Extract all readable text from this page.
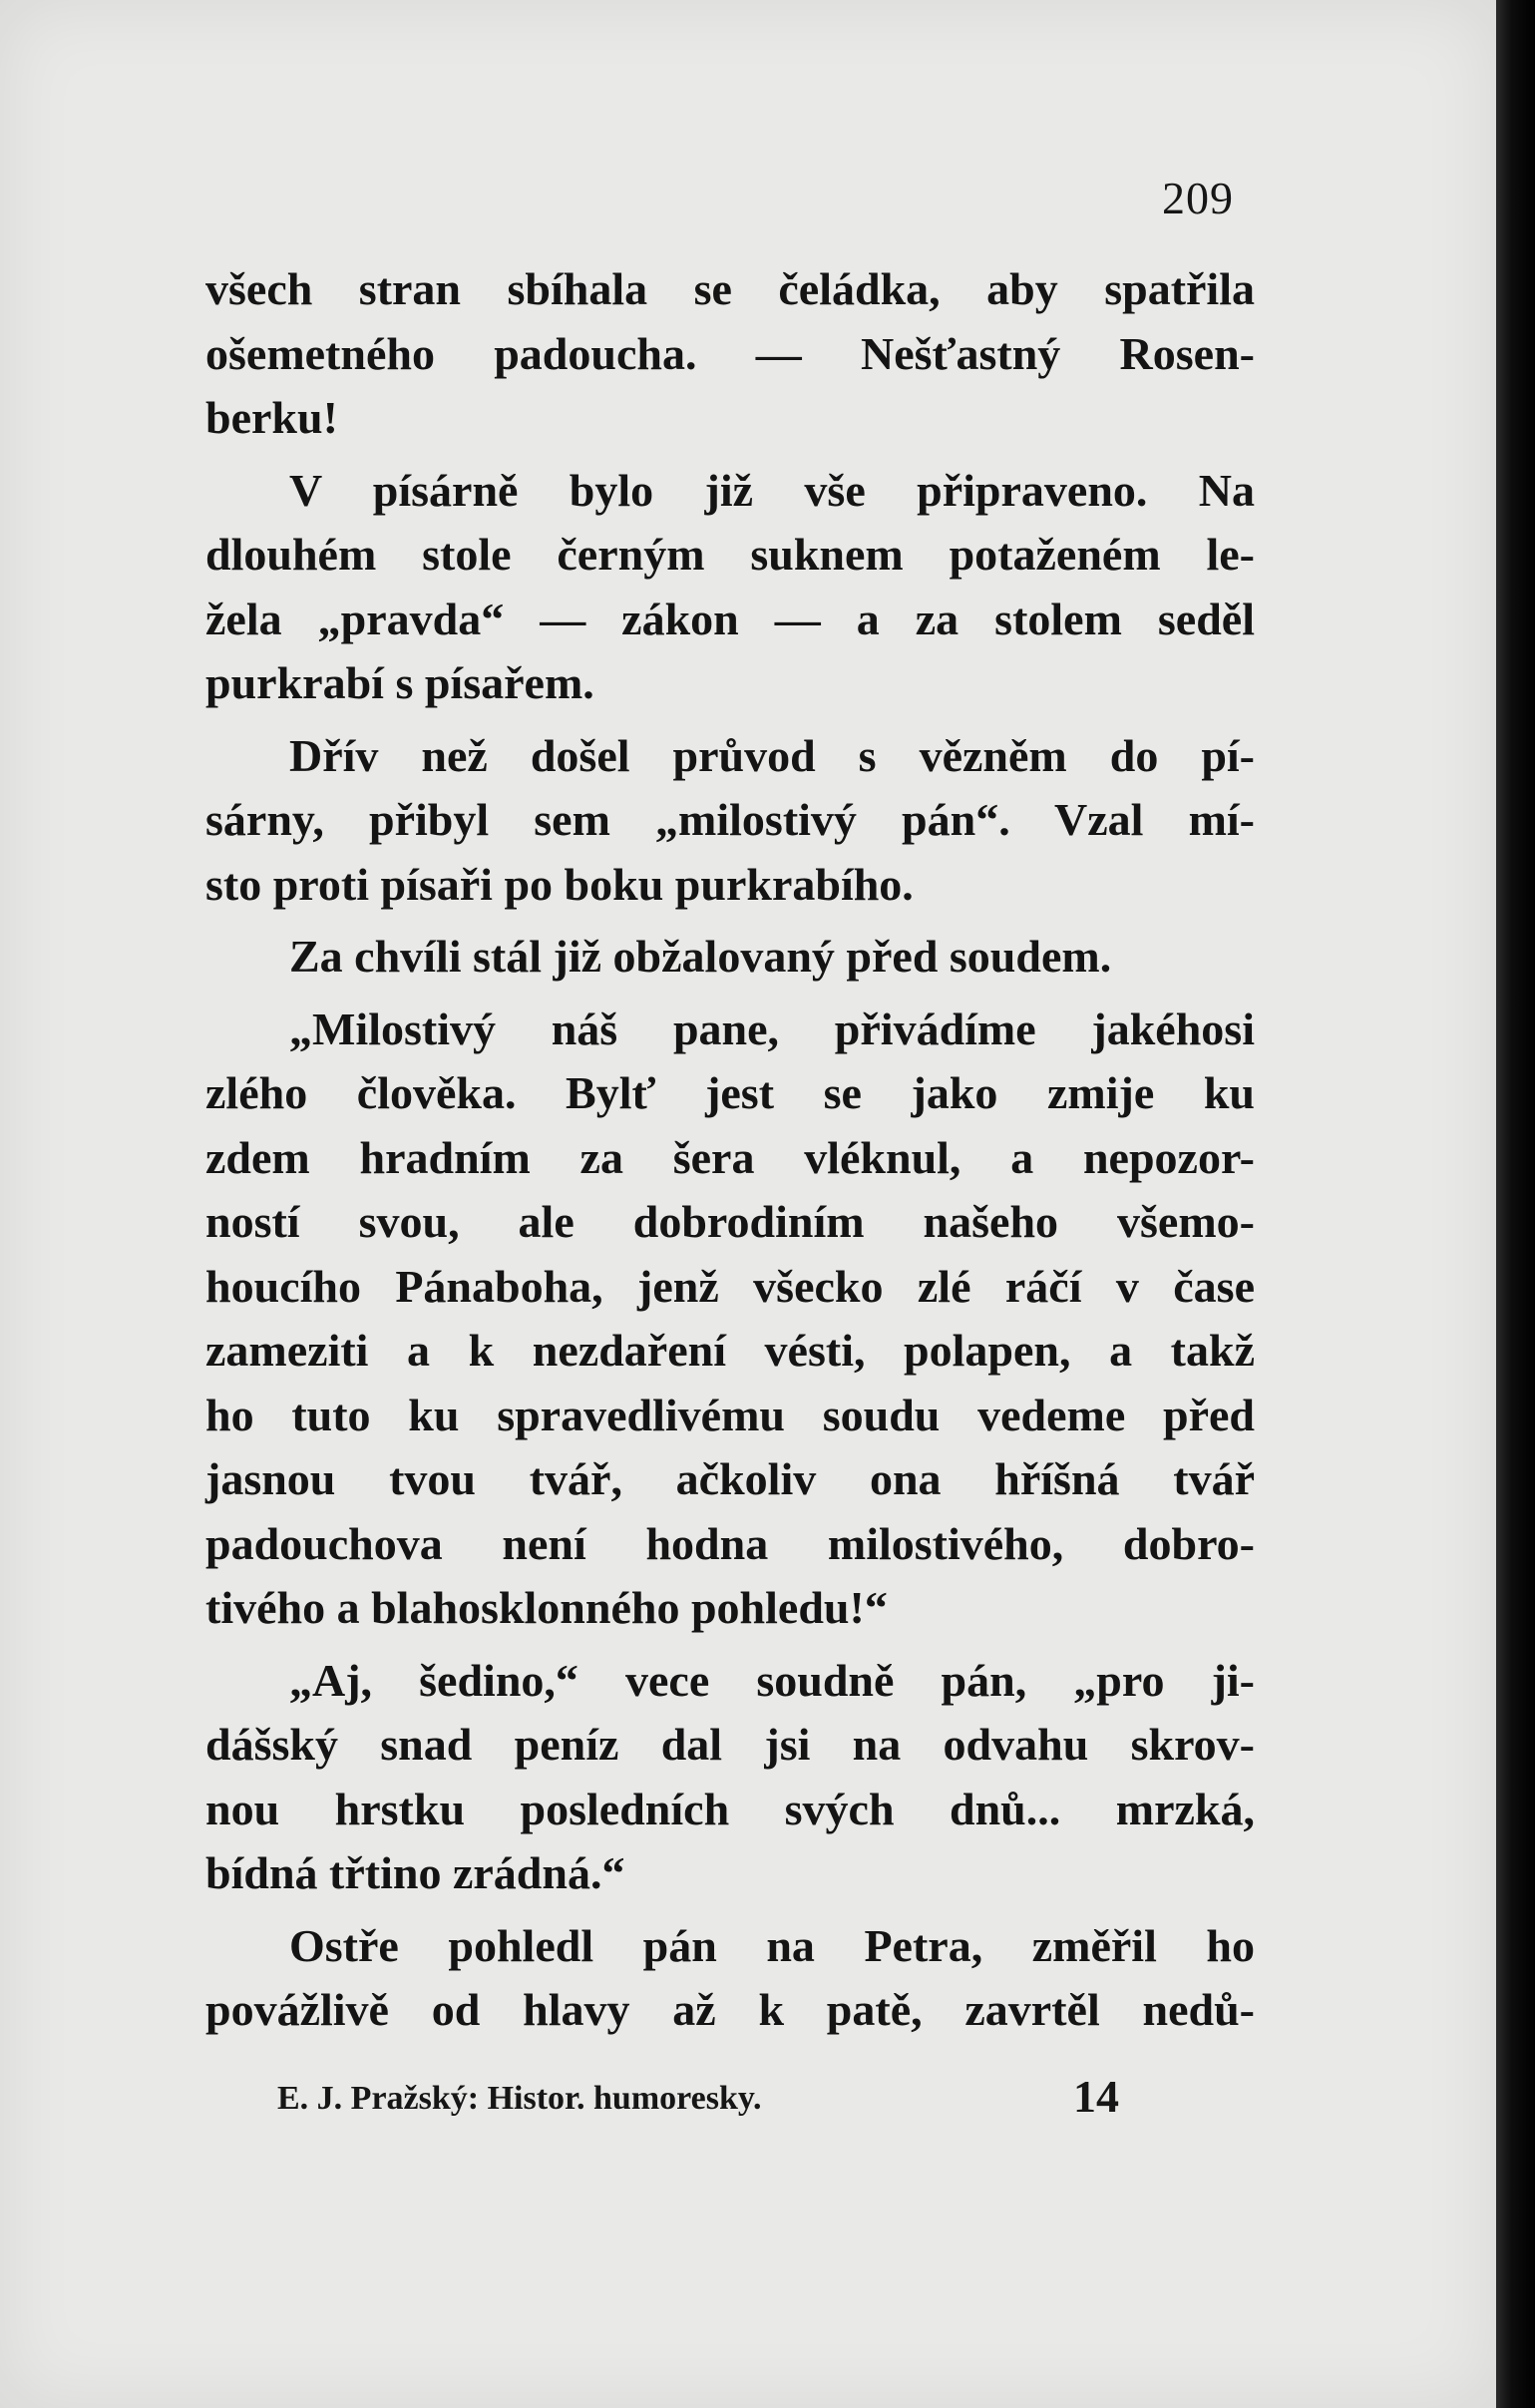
209
všech stran sbíhala se čeládka, aby spatřila
ošemetného padoucha. — Nešťastný Rosen-
berku!
V písárně bylo již vše připraveno. Na
dlouhém stole černým suknem potaženém le-
žela „pravda“ — zákon — a za stolem seděl
purkrabí s písařem.
Dřív než došel průvod s vězněm do pí-
sárny, přibyl sem „milostivý pán“. Vzal mí-
sto proti písaři po boku purkrabího.
Za chvíli stál již obžalovaný před soudem.
„Milostivý náš pane, přivádíme jakéhosi
zlého člověka. Bylť jest se jako zmije ku
zdem hradním za šera vléknul, a nepozor-
ností svou, ale dobrodiním našeho všemo-
houcího Pánaboha, jenž všecko zlé ráčí v čase
zameziti a k nezdaření vésti, polapen, a takž
ho tuto ku spravedlivému soudu vedeme před
jasnou tvou tvář, ačkoliv ona hříšná tvář
padouchova není hodna milostivého, dobro-
tivého a blahosklonného pohledu!“
„Aj, šedino,“ vece soudně pán, „pro ji-
dášský snad peníz dal jsi na odvahu skrov-
nou hrstku posledních svých dnů... mrzká,
bídná třtino zrádná.“
Ostře pohledl pán na Petra, změřil ho
povážlivě od hlavy až k patě, zavrtěl nedů-
E. J. Pražský: Histor. humoresky.	14
